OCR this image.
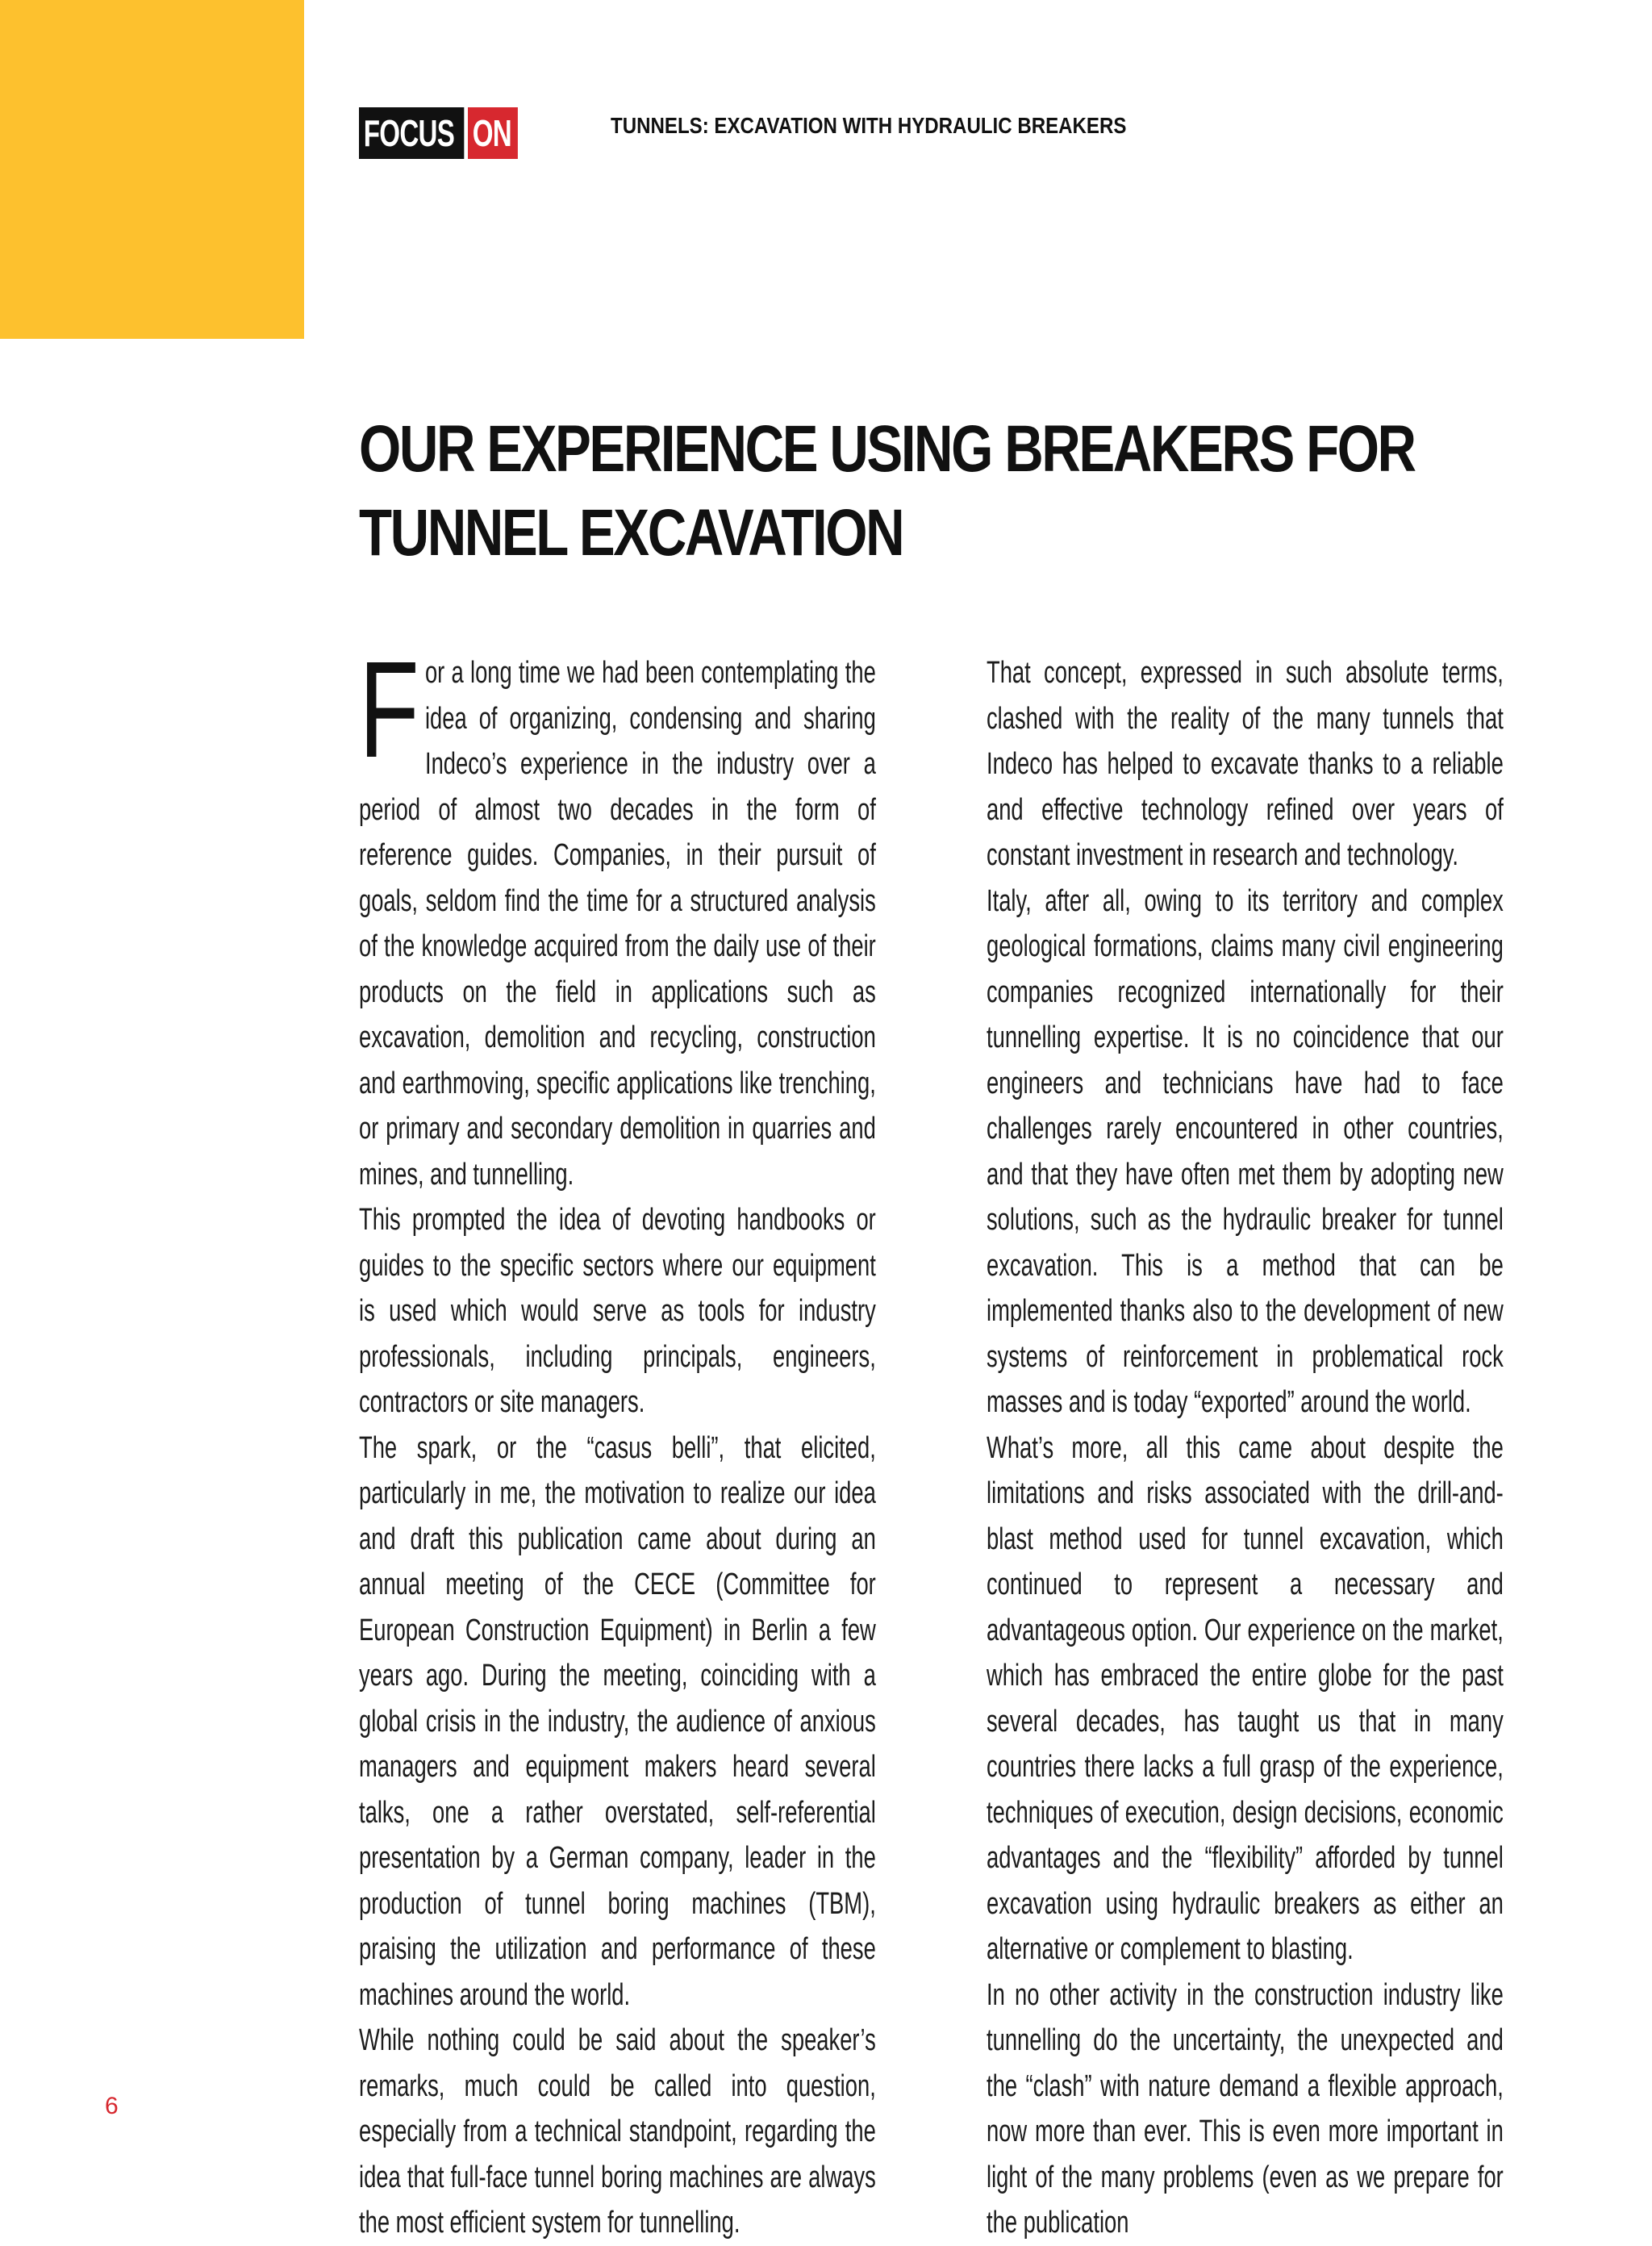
FOCUS ON	TUNNELS: EXCAVATION WITH HYDRAULIC BREAKERS
OUR EXPERIENCE USING BREAKERS FOR TUNNEL EXCAVATION

For a long time we had been contemplating the idea of organizing, condensing and sharing Indeco’s experience in the industry over a period of almost two decades in the form of reference guides. Companies, in their pursuit of goals, seldom find the time for a structured analysis of the knowledge acquired from the daily use of their products on the field in applications such as excavation, demolition and recycling, construction and earthmoving, specific applications like trenching, or primary and secondary demolition in quarries and mines, and tunnelling.

This prompted the idea of devoting handbooks or guides to the specific sectors where our equipment is used which would serve as tools for industry professionals, including principals, engineers, contractors or site managers.

The spark, or the “casus belli”, that elicited, particularly in me, the motivation to realize our idea and draft this publication came about during an annual meeting of the CECE (Committee for European Construction Equipment) in Berlin a few years ago. During the meeting, coinciding with a global crisis in the industry, the audience of anxious managers and equipment makers heard several talks, one a rather overstated, self-referential presentation by a German company, leader in the production of tunnel boring machines (TBM), praising the utilization and performance of these machines around the world.

While nothing could be said about the speaker’s remarks, much could be called into question, especially from a technical standpoint, regarding the idea that full-face tunnel boring machines are always the most efficient system for tunnelling.

That concept, expressed in such absolute terms, clashed with the reality of the many tunnels that Indeco has helped to excavate thanks to a reliable and effective technology refined over years of constant investment in research and technology.

Italy, after all, owing to its territory and complex geological formations, claims many civil engineering companies recognized internationally for their tunnelling expertise. It is no coincidence that our engineers and technicians have had to face challenges rarely encountered in other countries, and that they have often met them by adopting new solutions, such as the hydraulic breaker for tunnel excavation. This is a method that can be implemented thanks also to the development of new systems of reinforcement in problematical rock masses and is today “exported” around the world.

What’s more, all this came about despite the limitations and risks associated with the drill-and-blast method used for tunnel excavation, which continued to represent a necessary and advantageous option. Our experience on the market, which has embraced the entire globe for the past several decades, has taught us that in many countries there lacks a full grasp of the experience, techniques of execution, design decisions, economic advantages and the “flexibility” afforded by tunnel excavation using hydraulic breakers as either an alternative or complement to blasting.

In no other activity in the construction industry like tunnelling do the uncertainty, the unexpected and the “clash” with nature demand a flexible approach, now more than ever. This is even more important in light of the many problems (even as we prepare for the publication

6
